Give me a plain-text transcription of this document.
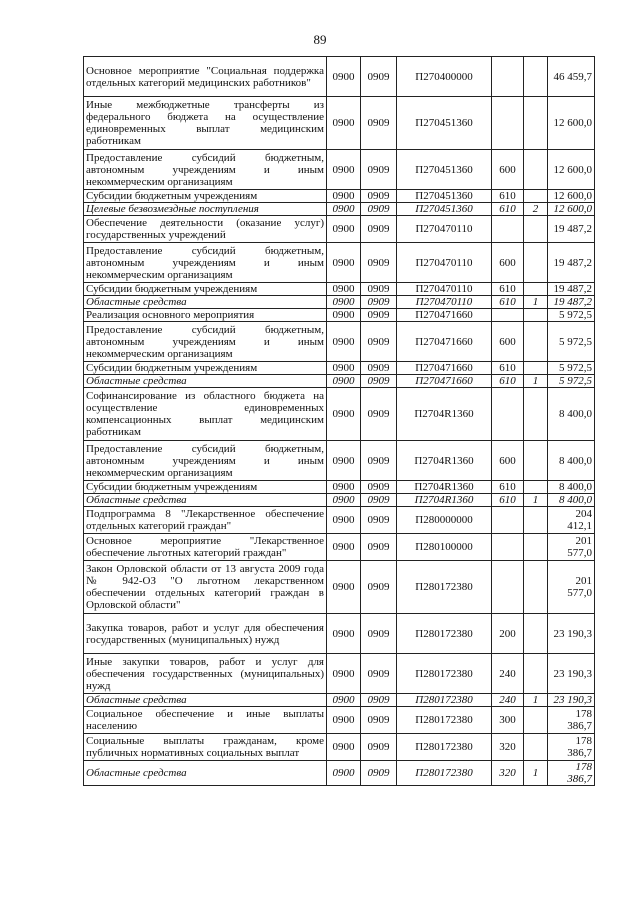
89
Основное мероприятие "Социальная поддержка отдельных категорий медицинских работников"	0900	0909	П270400000			46 459,7
Иные межбюджетные трансферты из федерального бюджета на осуществление единовременных выплат медицинским работникам	0900	0909	П270451360			12 600,0
Предоставление субсидий бюджетным, автономным учреждениям и иным некоммерческим организациям	0900	0909	П270451360	600		12 600,0
Субсидии бюджетным учреждениям	0900	0909	П270451360	610		12 600,0
Целевые безвозмездные поступления	0900	0909	П270451360	610	2	12 600,0
Обеспечение деятельности (оказание услуг) государственных учреждений	0900	0909	П270470110			19 487,2
Предоставление субсидий бюджетным, автономным учреждениям и иным некоммерческим организациям	0900	0909	П270470110	600		19 487,2
Субсидии бюджетным учреждениям	0900	0909	П270470110	610		19 487,2
Областные средства	0900	0909	П270470110	610	1	19 487,2
Реализация основного мероприятия	0900	0909	П270471660			5 972,5
Предоставление субсидий бюджетным, автономным учреждениям и иным некоммерческим организациям	0900	0909	П270471660	600		5 972,5
Субсидии бюджетным учреждениям	0900	0909	П270471660	610		5 972,5
Областные средства	0900	0909	П270471660	610	1	5 972,5
Софинансирование из областного бюджета на осуществление единовременных компенсационных выплат медицинским работникам	0900	0909	П2704R1360			8 400,0
Предоставление субсидий бюджетным, автономным учреждениям и иным некоммерческим организациям	0900	0909	П2704R1360	600		8 400,0
Субсидии бюджетным учреждениям	0900	0909	П2704R1360	610		8 400,0
Областные средства	0900	0909	П2704R1360	610	1	8 400,0
Подпрограмма 8 "Лекарственное обеспечение отдельных категорий граждан"	0900	0909	П280000000			204 412,1
Основное мероприятие "Лекарственное обеспечение льготных категорий граждан"	0900	0909	П280100000			201 577,0
Закон Орловской области от 13 августа 2009 года № 942-ОЗ "О льготном лекарственном обеспечении отдельных категорий граждан в Орловской области"	0900	0909	П280172380			201 577,0
Закупка товаров, работ и услуг для обеспечения государственных (муниципальных) нужд	0900	0909	П280172380	200		23 190,3
Иные закупки товаров, работ и услуг для обеспечения государственных (муниципальных) нужд	0900	0909	П280172380	240		23 190,3
Областные средства	0900	0909	П280172380	240	1	23 190,3
Социальное обеспечение и иные выплаты населению	0900	0909	П280172380	300		178 386,7
Социальные выплаты гражданам, кроме публичных нормативных социальных выплат	0900	0909	П280172380	320		178 386,7
Областные средства	0900	0909	П280172380	320	1	178 386,7
